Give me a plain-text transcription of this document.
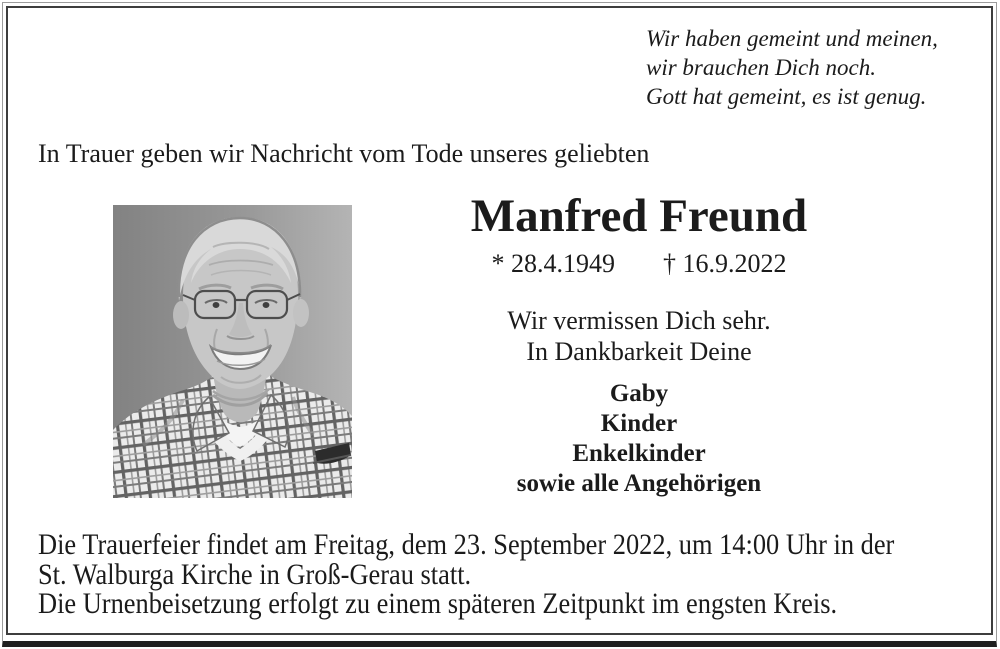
Wir haben gemeint und meinen,
wir brauchen Dich noch.
Gott hat gemeint, es ist genug.
In Trauer geben wir Nachricht vom Tode unseres geliebten
Manfred Freund
* 28.4.1949 † 16.9.2022
Wir vermissen Dich sehr.
In Dankbarkeit Deine
Gaby
Kinder
Enkelkinder
sowie alle Angehörigen
Die Trauerfeier findet am Freitag, dem 23. September 2022, um 14:00 Uhr in der
St. Walburga Kirche in Groß-Gerau statt.
Die Urnenbeisetzung erfolgt zu einem späteren Zeitpunkt im engsten Kreis.
